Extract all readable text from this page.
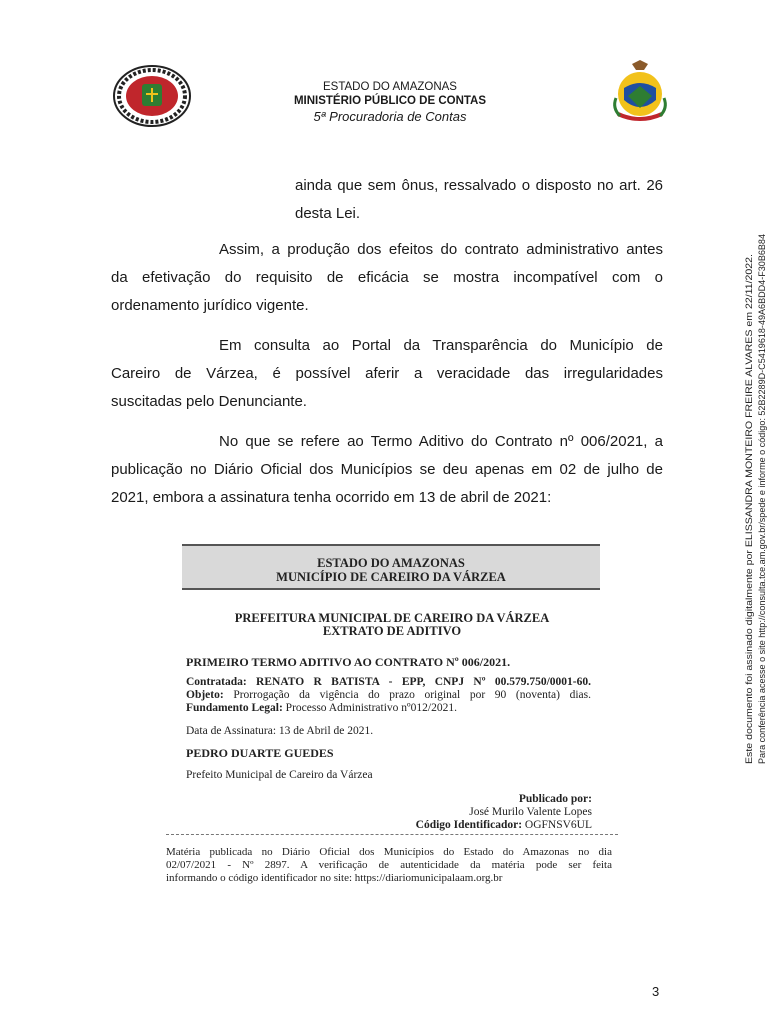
ESTADO DO AMAZONAS
MINISTÉRIO PÚBLICO DE CONTAS
5ª Procuradoria de Contas
ainda que sem ônus, ressalvado o disposto no art. 26
desta Lei.
Assim, a produção dos efeitos do contrato administrativo antes
da efetivação do requisito de eficácia se mostra incompatível com o
ordenamento jurídico vigente.
Em consulta ao Portal da Transparência do Município de
Careiro de Várzea, é possível aferir a veracidade das irregularidades
suscitadas pelo Denunciante.
No que se refere ao Termo Aditivo do Contrato nº 006/2021, a
publicação no Diário Oficial dos Municípios se deu apenas em 02 de julho de
2021, embora a assinatura tenha ocorrido em 13 de abril de 2021:
ESTADO DO AMAZONAS
MUNICÍPIO DE CAREIRO DA VÁRZEA
PREFEITURA MUNICIPAL DE CAREIRO DA VÁRZEA
EXTRATO DE ADITIVO
PRIMEIRO TERMO ADITIVO AO CONTRATO Nº 006/2021.
Contratada: RENATO R BATISTA - EPP, CNPJ Nº 00.579.750/0001-60.
Objeto: Prorrogação da vigência do prazo original por 90 (noventa) dias.
Fundamento Legal: Processo Administrativo nº012/2021.
Data de Assinatura: 13 de Abril de 2021.
PEDRO DUARTE GUEDES
Prefeito Municipal de Careiro da Várzea
Publicado por:
José Murilo Valente Lopes
Código Identificador: OGFNSV6UL
Matéria publicada no Diário Oficial dos Municípios do Estado do Amazonas no dia
02/07/2021 - Nº 2897. A verificação de autenticidade da matéria pode ser feita
informando o código identificador no site: https://diariomunicipalaam.org.br
Este documento foi assinado digitalmente por ELISSANDRA MONTEIRO FREIRE ALVARES em 22/11/2022. Para conferência acesse o site http://consulta.tce.am.gov.br/spede e informe o código: 52B2289D-C5419618-49A6BDD4-F30B6B84
3
